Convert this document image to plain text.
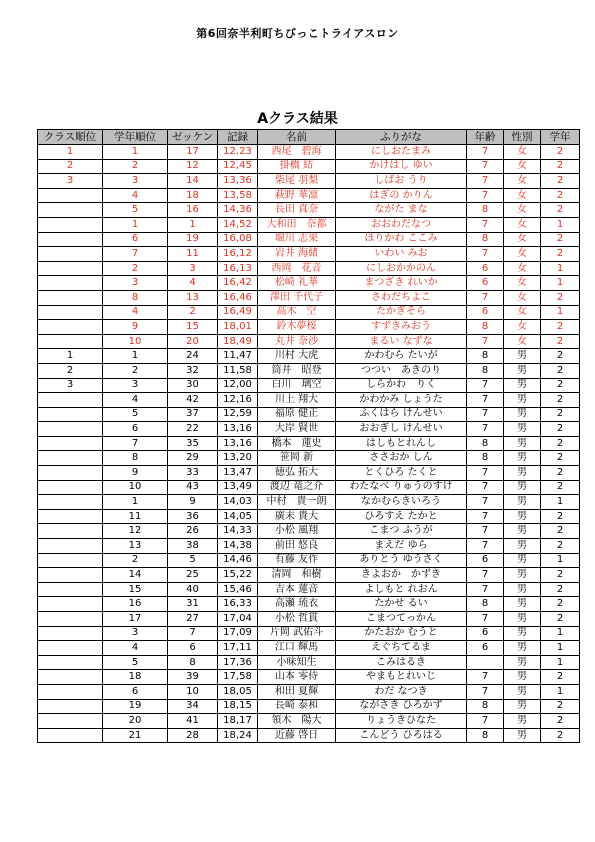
第6回奈半利町ちびっこトライアスロン
Aクラス結果
クラス順位	学年順位	ゼッケン	記録	名前	ふりがな	年齢	性別	学年
1	1	17	12,23	西尾　碧海	にしおたまみ	7	女	2
2	2	12	12,45	掛橋 結	かけはし ゆい	7	女	2
3	3	14	13,36	柴尾 羽梨	しばお うり	7	女	2
	4	18	13,58	萩野 華凛	はぎの かりん	7	女	2
	5	16	14,36	長田 真奈	ながた まな	8	女	2
	1	1	14,52	大和田　奈都	おおわだなつ	7	女	1
	6	19	16,08	堀川 志果	ほりかわ ここみ	8	女	2
	7	11	16,12	岩井 海緒	いわい みお	7	女	2
	2	3	16,13	西岡　花音	にしおかかのん	6	女	1
	3	4	16,42	松崎 礼華	まつざき れいか	6	女	1
	8	13	16,46	澤田 千代子	さわだちよこ	7	女	2
	4	2	16,49	高木　空	たかぎそら	6	女	1
	9	15	18,01	鈴木夢桜	すずきみおう	8	女	2
	10	20	18,49	丸井 奈沙	まるい なずな	7	女	2
1	1	24	11,47	川村 大虎	かわむら たいが	8	男	2
2	2	32	11,58	筒井　昭登	つつい　あきのり	8	男	2
3	3	30	12,00	白川　璃空	しらかわ　りく	7	男	2
	4	42	12,16	川上 翔大	かわかみ しょうた	7	男	2
	5	37	12,59	福原 健正	ふくはら けんせい	7	男	2
	6	22	13,16	大岸 賢世	おおぎし けんせい	7	男	2
	7	35	13,16	橋本　蓮史	はしもとれんし	8	男	2
	8	29	13,20	笹岡 新	ささおか しん	8	男	2
	9	33	13,47	徳弘 拓大	とくひろ たくと	7	男	2
	10	43	13,49	渡辺 竜之介	わたなべ りゅうのすけ	7	男	2
	1	9	14,03	中村　貴一朗	なかむらきいろう	7	男	1
	11	36	14,05	廣末 貴大	ひろすえ たかと	7	男	2
	12	26	14,33	小松 風翔	こまつ ふうが	7	男	2
	13	38	14,38	前田 悠良	まえだ ゆら	7	男	2
	2	5	14,46	有藤 友作	ありとう ゆうさく	6	男	1
	14	25	15,22	清岡　和樹	きよおか　かずき	7	男	2
	15	40	15,46	吉本 蓮音	よしもと れおん	7	男	2
	16	31	16,33	高瀬 琉衣	たかせ るい	8	男	2
	17	27	17,04	小松 哲貫	こまつてっかん	7	男	2
	3	7	17,09	片岡 武佑斗	かたおか むうと	6	男	1
	4	6	17,11	江口 輝馬	えぐちてるま	6	男	1
	5	8	17,36	小味知生	こみはるき		男	1
	18	39	17,58	山本 零侍	やまもとれいじ	7	男	2
	6	10	18,05	和田 夏輝	わだ なつき	7	男	1
	19	34	18,15	長崎 泰和	ながさき ひろかず	8	男	2
	20	41	18,17	領木　陽大	りょうきひなた	7	男	2
	21	28	18,24	近藤 啓日	こんどう ひろはる	8	男	2
